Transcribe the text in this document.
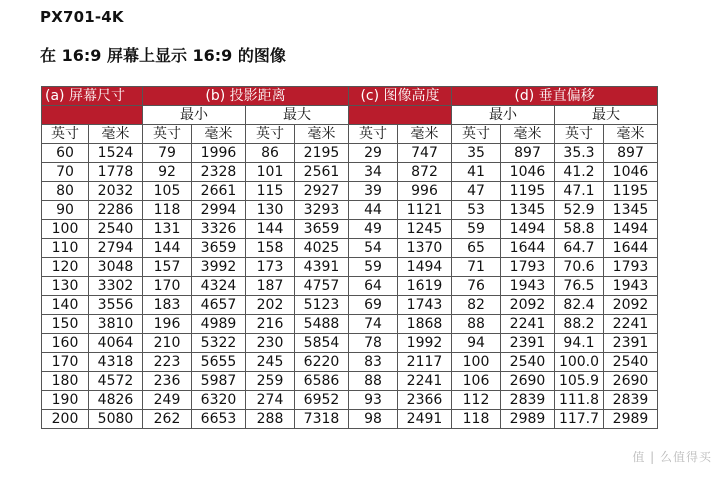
PX701-4K
在 16:9 屏幕上显示 16:9 的图像
(a) 屏幕尺寸		(b) 投影距离				(c) 图像高度		(d) 垂直偏移			
		最小		最大				最小		最大	
英寸	毫米	英寸	毫米	英寸	毫米	英寸	毫米	英寸	毫米	英寸	毫米
60	1524	79	1996	86	2195	29	747	35	897	35.3	897
70	1778	92	2328	101	2561	34	872	41	1046	41.2	1046
80	2032	105	2661	115	2927	39	996	47	1195	47.1	1195
90	2286	118	2994	130	3293	44	1121	53	1345	52.9	1345
100	2540	131	3326	144	3659	49	1245	59	1494	58.8	1494
110	2794	144	3659	158	4025	54	1370	65	1644	64.7	1644
120	3048	157	3992	173	4391	59	1494	71	1793	70.6	1793
130	3302	170	4324	187	4757	64	1619	76	1943	76.5	1943
140	3556	183	4657	202	5123	69	1743	82	2092	82.4	2092
150	3810	196	4989	216	5488	74	1868	88	2241	88.2	2241
160	4064	210	5322	230	5854	78	1992	94	2391	94.1	2391
170	4318	223	5655	245	6220	83	2117	100	2540	100.0	2540
180	4572	236	5987	259	6586	88	2241	106	2690	105.9	2690
190	4826	249	6320	274	6952	93	2366	112	2839	111.8	2839
200	5080	262	6653	288	7318	98	2491	118	2989	117.7	2989
值 | 么值得买
